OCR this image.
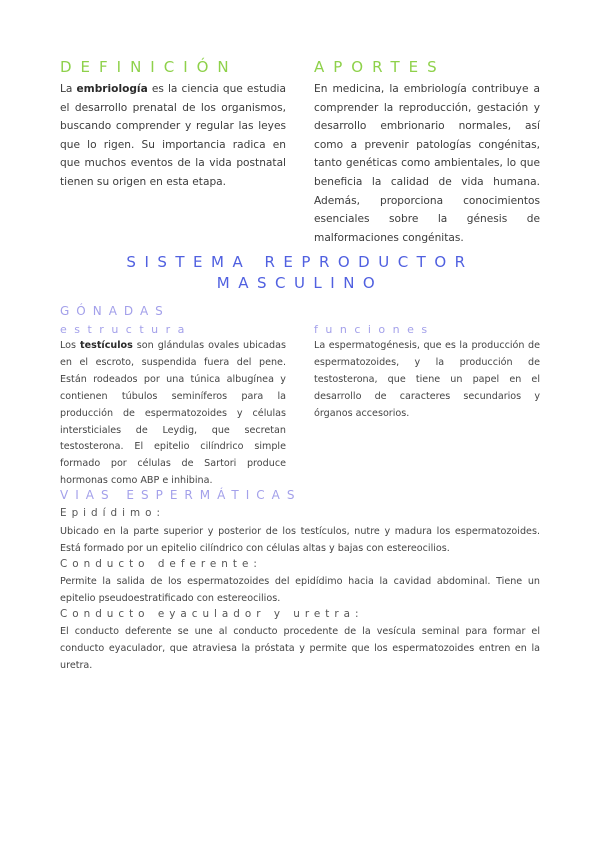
DEFINICIÓN
La embriología es la ciencia que estudia el desarrollo prenatal de los organismos, buscando comprender y regular las leyes que lo rigen. Su importancia radica en que muchos eventos de la vida postnatal tienen su origen en esta etapa.
APORTES
En medicina, la embriología contribuye a comprender la reproducción, gestación y desarrollo embrionario normales, así como a prevenir patologías congénitas, tanto genéticas como ambientales, lo que beneficia la calidad de vida humana. Además, proporciona conocimientos esenciales sobre la génesis de malformaciones congénitas.
SISTEMA REPRODUCTOR
MASCULINO
GÓNADAS
estructura
Los testículos son glándulas ovales ubicadas en el escroto, suspendida fuera del pene. Están rodeados por una túnica albugínea y contienen túbulos seminíferos para la producción de espermatozoides y células intersticiales de Leydig, que secretan testosterona. El epitelio cilíndrico simple formado por células de Sartori produce hormonas como ABP e inhibina.
funciones
La espermatogénesis, que es la producción de espermatozoides, y la producción de testosterona, que tiene un papel en el desarrollo de caracteres secundarios y órganos accesorios.
VIAS ESPERMÁTICAS
Epidídimo:
Ubicado en la parte superior y posterior de los testículos, nutre y madura los espermatozoides. Está formado por un epitelio cilíndrico con células altas y bajas con estereocilios.
Conducto deferente:
Permite la salida de los espermatozoides del epidídimo hacia la cavidad abdominal. Tiene un epitelio pseudoestratificado con estereocilios.
Conducto eyaculador y uretra:
El conducto deferente se une al conducto procedente de la vesícula seminal para formar el conducto eyaculador, que atraviesa la próstata y permite que los espermatozoides entren en la uretra.
